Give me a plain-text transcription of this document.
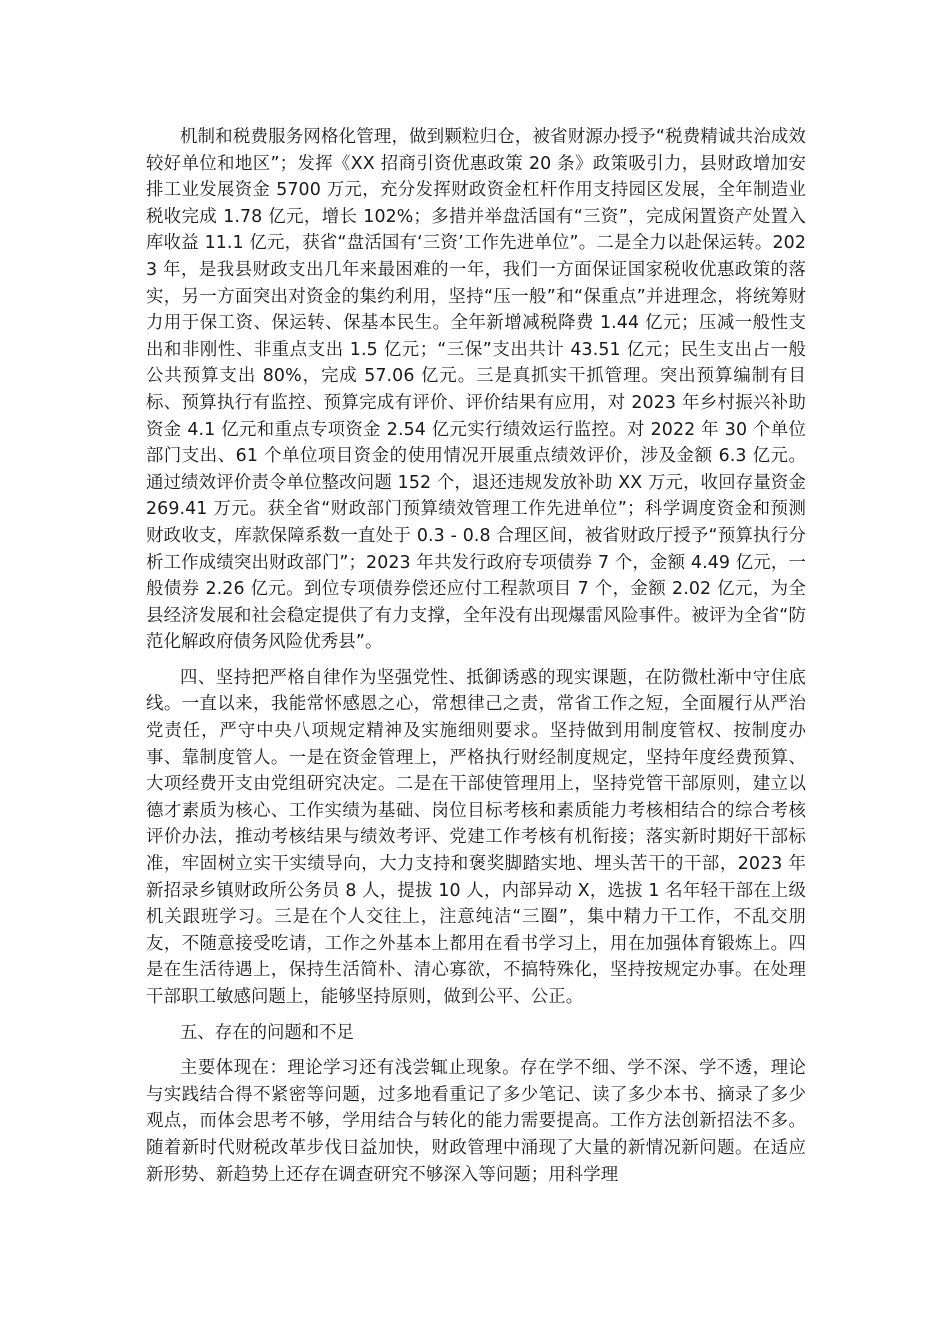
机制和税费服务网格化管理，做到颗粒归仓，被省财源办授予“税费精诚共治成效较好单位和地区”；发挥《XX 招商引资优惠政策 20 条》政策吸引力，县财政增加安排工业发展资金 5700 万元，充分发挥财政资金杠杆作用支持园区发展，全年制造业税收完成 1.78 亿元，增长 102%；多措并举盘活国有“三资”，完成闲置资产处置入库收益 11.1 亿元，获省“盘活国有‘三资’工作先进单位”。二是全力以赴保运转。2023 年，是我县财政支出几年来最困难的一年，我们一方面保证国家税收优惠政策的落实，另一方面突出对资金的集约利用，坚持“压一般”和“保重点”并进理念，将统筹财力用于保工资、保运转、保基本民生。全年新增减税降费 1.44 亿元；压减一般性支出和非刚性、非重点支出 1.5 亿元；“三保”支出共计 43.51 亿元；民生支出占一般公共预算支出 80%，完成 57.06 亿元。三是真抓实干抓管理。突出预算编制有目标、预算执行有监控、预算完成有评价、评价结果有应用，对 2023 年乡村振兴补助资金 4.1 亿元和重点专项资金 2.54 亿元实行绩效运行监控。对 2022 年 30 个单位部门支出、61 个单位项目资金的使用情况开展重点绩效评价，涉及金额 6.3 亿元。通过绩效评价责令单位整改问题 152 个，退还违规发放补助 XX 万元，收回存量资金 269.41 万元。获全省“财政部门预算绩效管理工作先进单位”；科学调度资金和预测财政收支，库款保障系数一直处于 0.3 - 0.8 合理区间，被省财政厅授予“预算执行分析工作成绩突出财政部门”；2023 年共发行政府专项债券 7 个，金额 4.49 亿元，一般债券 2.26 亿元。到位专项债券偿还应付工程款项目 7 个，金额 2.02 亿元，为全县经济发展和社会稳定提供了有力支撑，全年没有出现爆雷风险事件。被评为全省“防范化解政府债务风险优秀县”。

四、坚持把严格自律作为坚强党性、抵御诱惑的现实课题，在防微杜渐中守住底线。一直以来，我能常怀感恩之心，常想律己之责，常省工作之短，全面履行从严治党责任，严守中央八项规定精神及实施细则要求。坚持做到用制度管权、按制度办事、靠制度管人。一是在资金管理上，严格执行财经制度规定，坚持年度经费预算、大项经费开支由党组研究决定。二是在干部使管理用上，坚持党管干部原则，建立以德才素质为核心、工作实绩为基础、岗位目标考核和素质能力考核相结合的综合考核评价办法，推动考核结果与绩效考评、党建工作考核有机衔接；落实新时期好干部标准，牢固树立实干实绩导向，大力支持和褒奖脚踏实地、埋头苦干的干部，2023 年新招录乡镇财政所公务员 8 人，提拔 10 人，内部异动 X，选拔 1 名年轻干部在上级机关跟班学习。三是在个人交往上，注意纯洁“三圈”，集中精力干工作，不乱交朋友，不随意接受吃请，工作之外基本上都用在看书学习上，用在加强体育锻炼上。四是在生活待遇上，保持生活简朴、清心寡欲，不搞特殊化，坚持按规定办事。在处理干部职工敏感问题上，能够坚持原则，做到公平、公正。

五、存在的问题和不足

主要体现在：理论学习还有浅尝辄止现象。存在学不细、学不深、学不透，理论与实践结合得不紧密等问题，过多地看重记了多少笔记、读了多少本书、摘录了多少观点，而体会思考不够，学用结合与转化的能力需要提高。工作方法创新招法不多。随着新时代财税改革步伐日益加快，财政管理中涌现了大量的新情况新问题。在适应新形势、新趋势上还存在调查研究不够深入等问题；用科学理
